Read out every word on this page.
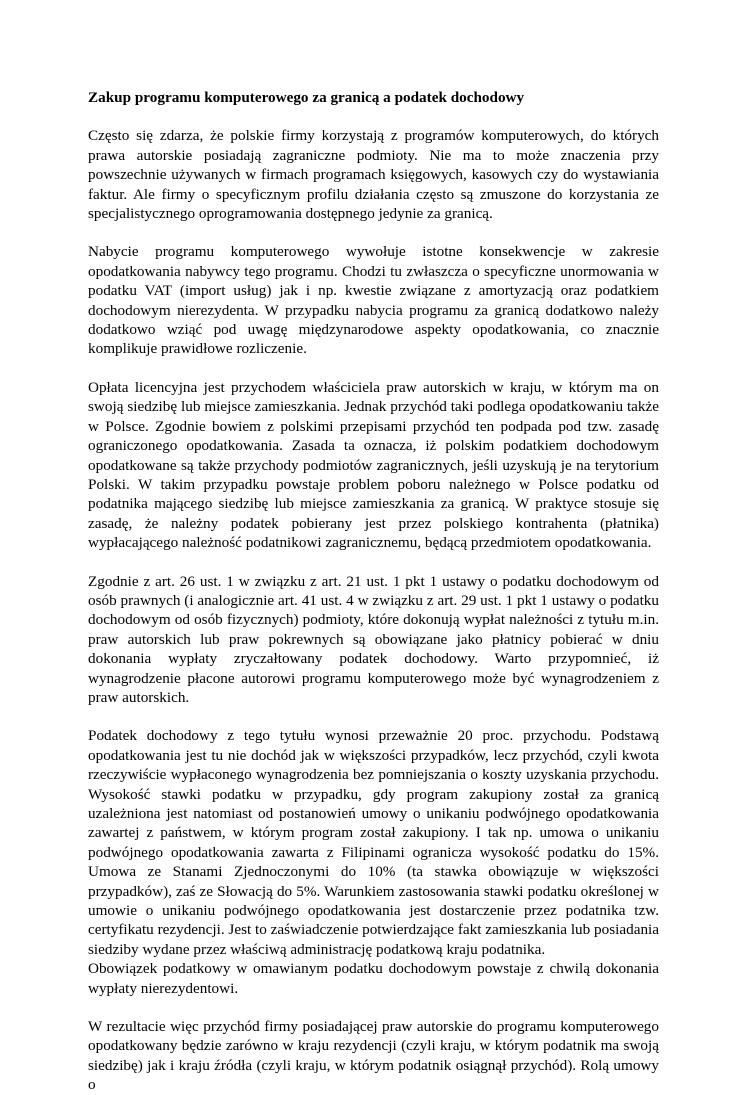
Zakup programu komputerowego za granicą a podatek dochodowy

Często się zdarza, że polskie firmy korzystają z programów komputerowych, do których prawa autorskie posiadają zagraniczne podmioty. Nie ma to może znaczenia przy powszechnie używanych w firmach programach księgowych, kasowych czy do wystawiania faktur. Ale firmy o specyficznym profilu działania często są zmuszone do korzystania ze specjalistycznego oprogramowania dostępnego jedynie za granicą.

Nabycie programu komputerowego wywołuje istotne konsekwencje w zakresie opodatkowania nabywcy tego programu. Chodzi tu zwłaszcza o specyficzne unormowania w podatku VAT (import usług) jak i np. kwestie związane z amortyzacją oraz podatkiem dochodowym nierezydenta. W przypadku nabycia programu za granicą dodatkowo należy dodatkowo wziąć pod uwagę międzynarodowe aspekty opodatkowania, co znacznie komplikuje prawidłowe rozliczenie.

Opłata licencyjna jest przychodem właściciela praw autorskich w kraju, w którym ma on swoją siedzibę lub miejsce zamieszkania. Jednak przychód taki podlega opodatkowaniu także w Polsce. Zgodnie bowiem z polskimi przepisami przychód ten podpada pod tzw. zasadę ograniczonego opodatkowania. Zasada ta oznacza, iż polskim podatkiem dochodowym opodatkowane są także przychody podmiotów zagranicznych, jeśli uzyskują je na terytorium Polski. W takim przypadku powstaje problem poboru należnego w Polsce podatku od podatnika mającego siedzibę lub miejsce zamieszkania za granicą. W praktyce stosuje się zasadę, że należny podatek pobierany jest przez polskiego kontrahenta (płatnika) wypłacającego należność podatnikowi zagranicznemu, będącą przedmiotem opodatkowania.

Zgodnie z art. 26 ust. 1 w związku z art. 21 ust. 1 pkt 1 ustawy o podatku dochodowym od osób prawnych (i analogicznie art. 41 ust. 4 w związku z art. 29 ust. 1 pkt 1 ustawy o podatku dochodowym od osób fizycznych) podmioty, które dokonują wypłat należności z tytułu m.in. praw autorskich lub praw pokrewnych są obowiązane jako płatnicy pobierać w dniu dokonania wypłaty zryczałtowany podatek dochodowy. Warto przypomnieć, iż wynagrodzenie płacone autorowi programu komputerowego może być wynagrodzeniem z praw autorskich.

Podatek dochodowy z tego tytułu wynosi przeważnie 20 proc. przychodu. Podstawą opodatkowania jest tu nie dochód jak w większości przypadków, lecz przychód, czyli kwota rzeczywiście wypłaconego wynagrodzenia bez pomniejszania o koszty uzyskania przychodu. Wysokość stawki podatku w przypadku, gdy program zakupiony został za granicą uzależniona jest natomiast od postanowień umowy o unikaniu podwójnego opodatkowania zawartej z państwem, w którym program został zakupiony. I tak np. umowa o unikaniu podwójnego opodatkowania zawarta z Filipinami ogranicza wysokość podatku do 15%. Umowa ze Stanami Zjednoczonymi do 10% (ta stawka obowiązuje w większości przypadków), zaś ze Słowacją do 5%. Warunkiem zastosowania stawki podatku określonej w umowie o unikaniu podwójnego opodatkowania jest dostarczenie przez podatnika tzw. certyfikatu rezydencji. Jest to zaświadczenie potwierdzające fakt zamieszkania lub posiadania siedziby wydane przez właściwą administrację podatkową kraju podatnika.

Obowiązek podatkowy w omawianym podatku dochodowym powstaje z chwilą dokonania wypłaty nierezydentowi.

W rezultacie więc przychód firmy posiadającej praw autorskie do programu komputerowego opodatkowany będzie zarówno w kraju rezydencji (czyli kraju, w którym podatnik ma swoją siedzibę) jak i kraju źródła (czyli kraju, w którym podatnik osiągnął przychód). Rolą umowy o
